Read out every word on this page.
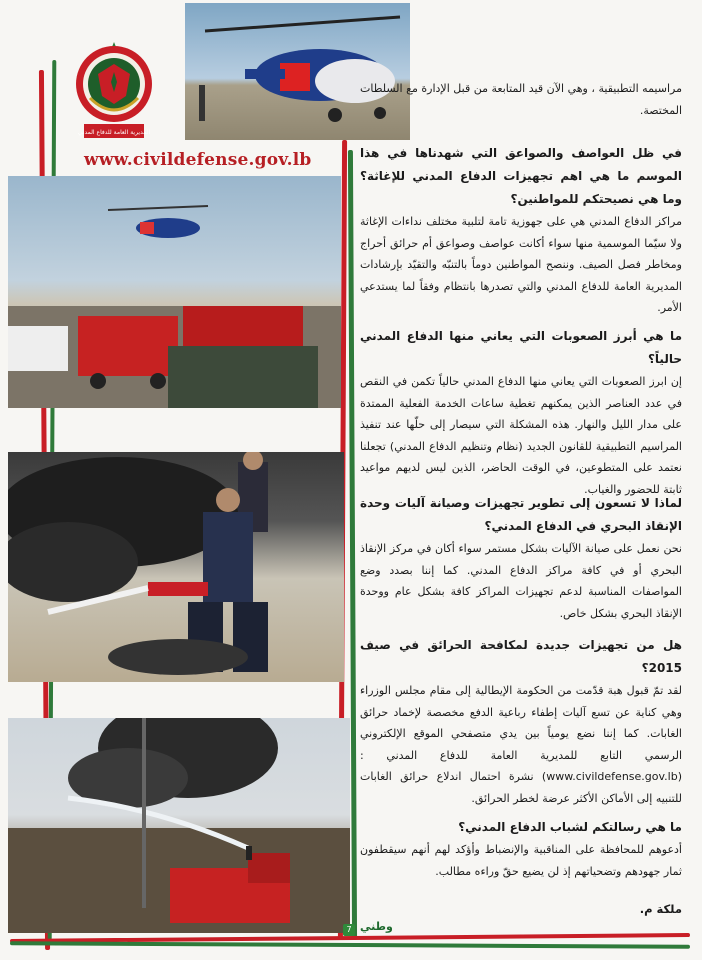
المديرية العامة للدفاع المدني
www.civildefense.gov.lb

مراسيمه التطبيقية ، وهي الآن قيد المتابعة من قبل الإدارة مع السلطات المختصة.

في ظل العواصف والصواعق التي شهدناها في هذا الموسم ما هي اهم تجهيزات الدفاع المدني للإغاثة؟ وما هي نصيحتكم للمواطنين؟

مراكز الدفاع المدني هي على جهوزية تامة لتلبية مختلف نداءات الإغاثة ولا سيّما الموسمية منها سواء أكانت عواصف وصواعق أم حرائق أحراج ومخاطر فصل الصيف. وننصح المواطنين دوماً بالتنبّه والتقيّد بإرشادات المديرية العامة للدفاع المدني والتي تصدرها بانتظام وفقاً لما يستدعي الأمر.

ما هي أبرز الصعوبات التي يعاني منها الدفاع المدني حالياً؟

إن ابرز الصعوبات التي يعاني منها الدفاع المدني حالياً تكمن في النقص في عدد العناصر الذين يمكنهم تغطية ساعات الخدمة الفعلية الممتدة على مدار الليل والنهار. هذه المشكلة التي سيصار إلى حلّها عند تنفيذ المراسيم التطبيقية للقانون الجديد (نظام وتنظيم الدفاع المدني) تجعلنا نعتمد على المتطوعين، في الوقت الحاضر، الذين ليس لديهم مواعيد ثابتة للحضور والغياب.

لماذا لا تسعون إلى تطوير تجهيزات وصيانة آليات وحدة الإنقاذ البحري في الدفاع المدني؟

نحن نعمل على صيانة الآليات بشكل مستمر سواء أكان في مركز الإنقاذ البحري أو في كافة مراكز الدفاع المدني. كما إننا بصدد وضع المواصفات المناسبة لدعم تجهيزات المراكز كافة بشكل عام ووحدة الإنقاذ البحري بشكل خاص.

هل من تجهيزات جديدة لمكافحة الحرائق في صيف 2015؟

لقد تمّ قبول هبة قدّمت من الحكومة الإيطالية إلى مقام مجلس الوزراء وهي كناية عن تسع آليات إطفاء رباعية الدفع مخصصة لإخماد حرائق الغابات. كما إننا نضع يومياً بين يدي متصفحي الموقع الإلكتروني الرسمي التابع للمديرية العامة للدفاع المدني : (www.civildefense.gov.lb) نشرة احتمال اندلاع حرائق الغابات للتنبيه إلى الأماكن الأكثر عرضة لخطر الحرائق.

ما هي رسالتكم لشباب الدفاع المدني؟

أدعوهم للمحافظة على المناقبية والإنضباط وأؤكد لهم أنهم سيقطفون ثمار جهودهم وتضحياتهم إذ لن يضيع حقّ وراءه مطالب.

ملكة م.
7 وطني
